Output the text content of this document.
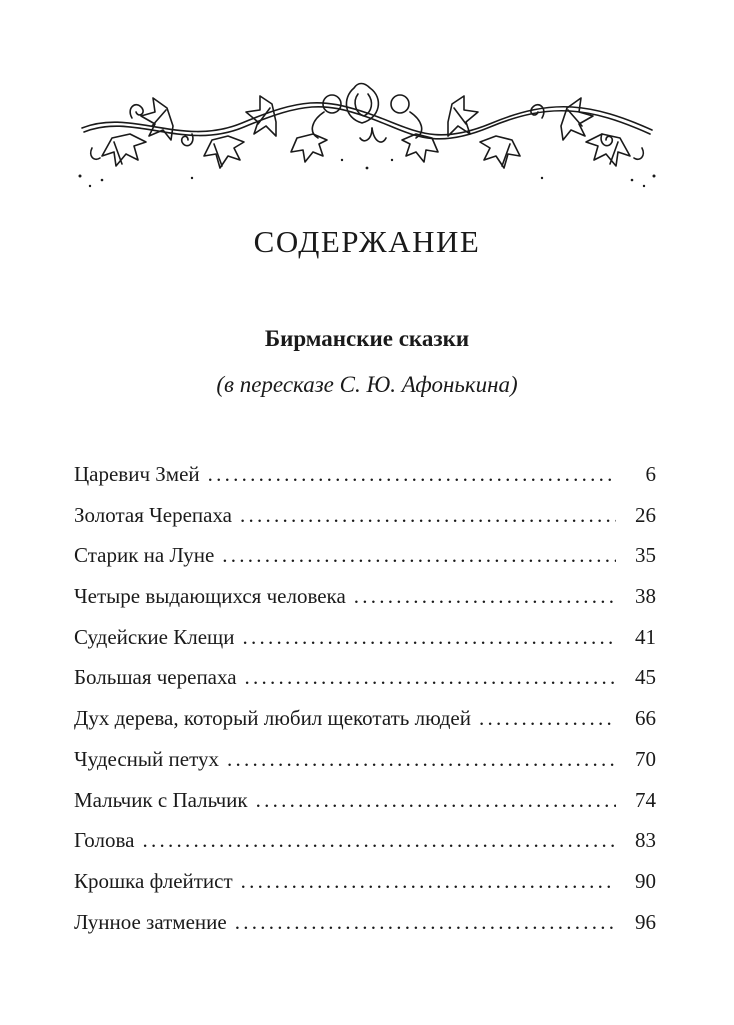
СОДЕРЖАНИЕ
Бирманские сказки
(в пересказе С. Ю. Афонькина)
Царевич Змей . . .	6
Золотая Черепаха . . .	26
Старик на Луне . . .	35
Четыре выдающихся человека . . .	38
Судейские Клещи . . .	41
Большая черепаха . . .	45
Дух дерева, который любил щекотать людей . . .	66
Чудесный петух . . .	70
Мальчик с Пальчик . . .	74
Голова . . .	83
Крошка флейтист . . .	90
Лунное затмение . . .	96
